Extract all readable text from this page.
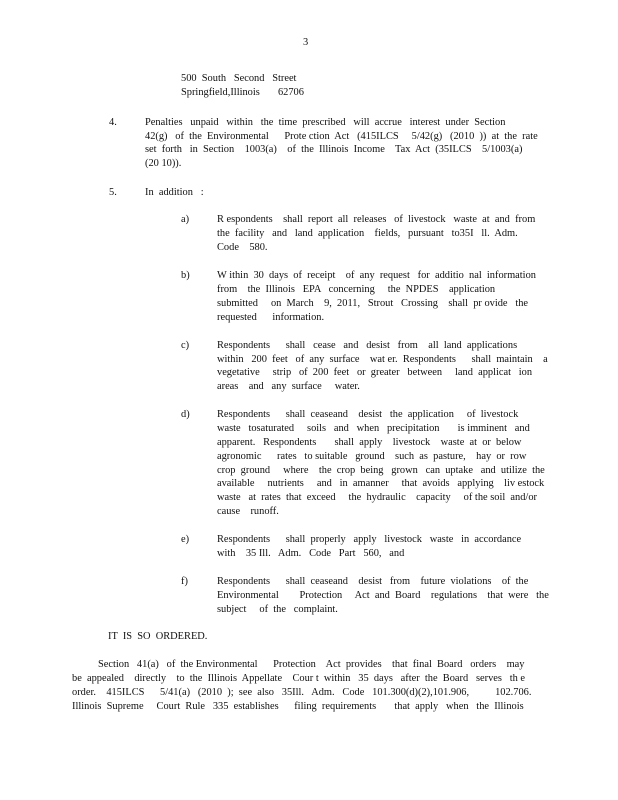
3
500  South   Second   Street
Springfield,Illinois       62706
4.	Penalties   unpaid   within   the  time  prescribed   will  accrue   interest  under  Section
42(g)   of  the  Environmental      Prote ction  Act   (415ILCS     5/42(g)   (2010  ))  at  the  rate
set  forth   in  Section    1003(a)    of  the  Illinois  Income    Tax  Act  (35ILCS    5/1003(a)
(20 10)).
5.	In  addition   :
a)	R espondents    shall  report  all  releases   of  livestock   waste  at  and  from
the  facility   and   land  application    fields,   pursuant   to35I   ll.  Adm.
Code    580.
b)	W ithin  30  days  of  receipt    of  any  request   for  additio  nal  information
from    the  Illinois   EPA   concerning     the  NPDES    application
submitted     on  March    9,  2011,   Strout   Crossing    shall  pr ovide   the
requested      information.
c)	Respondents      shall   cease   and   desist   from    all  land  applications
within   200  feet   of  any  surface    wat er.  Respondents      shall  maintain    a
vegetative     strip   of  200  feet   or  greater   between     land  applicat   ion
areas    and   any  surface     water.
d)	Respondents      shall  ceaseand    desist   the  application     of  livestock
waste   tosaturated     soils   and   when   precipitation       is imminent   and
apparent.   Respondents       shall  apply    livestock    waste  at  or  below
agronomic      rates   to suitable   ground    such  as  pasture,    hay  or  row
crop  ground     where    the  crop  being   grown   can  uptake   and  utilize  the
available     nutrients     and   in  amanner     that  avoids   applying    liv estock
waste   at  rates  that  exceed     the  hydraulic    capacity     of the soil  and/or
cause    runoff.
e)	Respondents      shall  properly   apply   livestock   waste   in  accordance
with    35 Ill.   Adm.   Code   Part   560,   and
f)	Respondents      shall  ceaseand    desist   from    future  violations    of  the
Environmental        Protection     Act  and  Board    regulations    that  were   the
subject     of  the   complaint.
IT  IS  SO  ORDERED.
Section   41(a)   of  the Environmental      Protection    Act  provides    that  final  Board   orders    may
be  appealed    directly    to  the  Illinois  Appellate    Cour t  within   35  days   after  the  Board   serves   th e
order.    415ILCS      5/41(a)   (2010  );  see  also   35Ill.   Adm.   Code   101.300(d)(2),101.906,          102.706.
Illinois  Supreme     Court  Rule   335  establishes      filing  requirements       that  apply   when   the  Illinois
